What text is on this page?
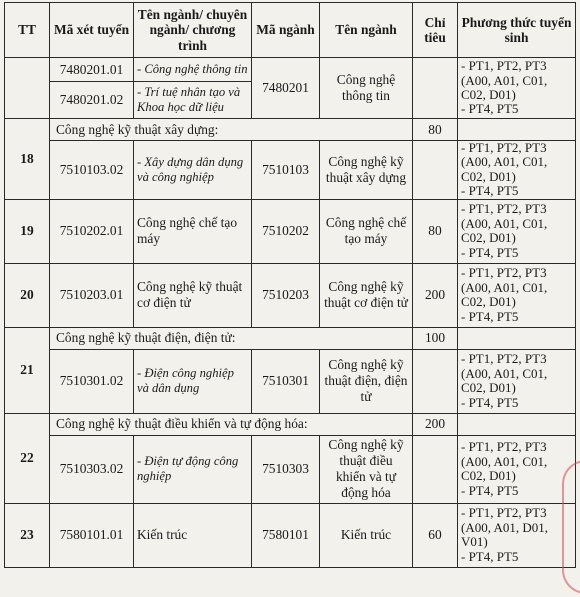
TT	Mã xét tuyển	Tên ngành/ chuyên ngành/ chương trình	Mã ngành	Tên ngành	Chỉ tiêu	Phương thức tuyển sinh
	7480201.01	- Công nghệ thông tin	7480201	Công nghệ thông tin		- PT1, PT2, PT3
(A00, A01, C01,
C02, D01)
- PT4, PT5
	7480201.02	- Trí tuệ nhân tạo và Khoa học dữ liệu				
18	Công nghệ kỹ thuật xây dựng:				80	
	7510103.02	- Xây dựng dân dụng và công nghiệp	7510103	Công nghệ kỹ thuật xây dựng		- PT1, PT2, PT3
(A00, A01, C01,
C02, D01)
- PT4, PT5
19	7510202.01	Công nghệ chế tạo máy	7510202	Công nghệ chế tạo máy	80	- PT1, PT2, PT3
(A00, A01, C01,
C02, D01)
- PT4, PT5
20	7510203.01	Công nghệ kỹ thuật cơ điện tử	7510203	Công nghệ kỹ thuật cơ điện tử	200	- PT1, PT2, PT3
(A00, A01, C01,
C02, D01)
- PT4, PT5
21	Công nghệ kỹ thuật điện, điện tử:				100	
	7510301.02	- Điện công nghiệp và dân dụng	7510301	Công nghệ kỹ thuật điện, điện tử		- PT1, PT2, PT3
(A00, A01, C01,
C02, D01)
- PT4, PT5
22	Công nghệ kỹ thuật điều khiển và tự động hóa:				200	
	7510303.02	- Điện tự động công nghiệp	7510303	Công nghệ kỹ thuật điều khiển và tự động hóa		- PT1, PT2, PT3
(A00, A01, C01,
C02, D01)
- PT4, PT5
23	7580101.01	Kiến trúc	7580101	Kiến trúc	60	- PT1, PT2, PT3
(A00, A01, D01,
V01)
- PT4, PT5
